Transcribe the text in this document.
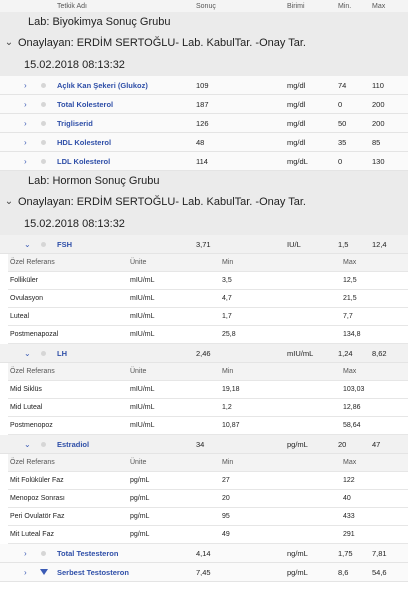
Tetkik Adı	Sonuç	Birimi	Min.	Max
Lab: Biyokimya Sonuç Grubu
⌄ Onaylayan: ERDİM SERTOĞLU- Lab. KabulTar. -Onay Tar.
15.02.2018 08:13:32
›	Açlık Kan Şekeri (Glukoz)	109	mg/dl	74	110
›	Total Kolesterol	187	mg/dl	0	200
›	Trigliserid	126	mg/dl	50	200
›	HDL Kolesterol	48	mg/dl	35	85
›	LDL Kolesterol	114	mg/dL	0	130
Lab: Hormon Sonuç Grubu
⌄ Onaylayan: ERDİM SERTOĞLU- Lab. KabulTar. -Onay Tar.
15.02.2018 08:13:32
⌄	FSH	3,71	IU/L	1,5	12,4
Özel Referans	Ünite	Min	Max
Folliküler	mIU/mL	3,5	12,5
Ovulasyon	mIU/mL	4,7	21,5
Luteal	mIU/mL	1,7	7,7
Postmenapozal	mIU/mL	25,8	134,8
⌄	LH	2,46	mIU/mL	1,24	8,62
Özel Referans	Ünite	Min	Max
Mid Siklüs	mIU/mL	19,18	103,03
Mid Luteal	mIU/mL	1,2	12,86
Postmenopoz	mIU/mL	10,87	58,64
⌄	Estradiol	34	pg/mL	20	47
Özel Referans	Ünite	Min	Max
Mit Folüküler Faz	pg/mL	27	122
Menopoz Sonrası	pg/mL	20	40
Peri Ovulatör Faz	pg/mL	95	433
Mit Luteal Faz	pg/mL	49	291
›	Total Testesteron	4,14	ng/mL	1,75	7,81
›	Serbest Testosteron	7,45	pg/mL	8,6	54,6
